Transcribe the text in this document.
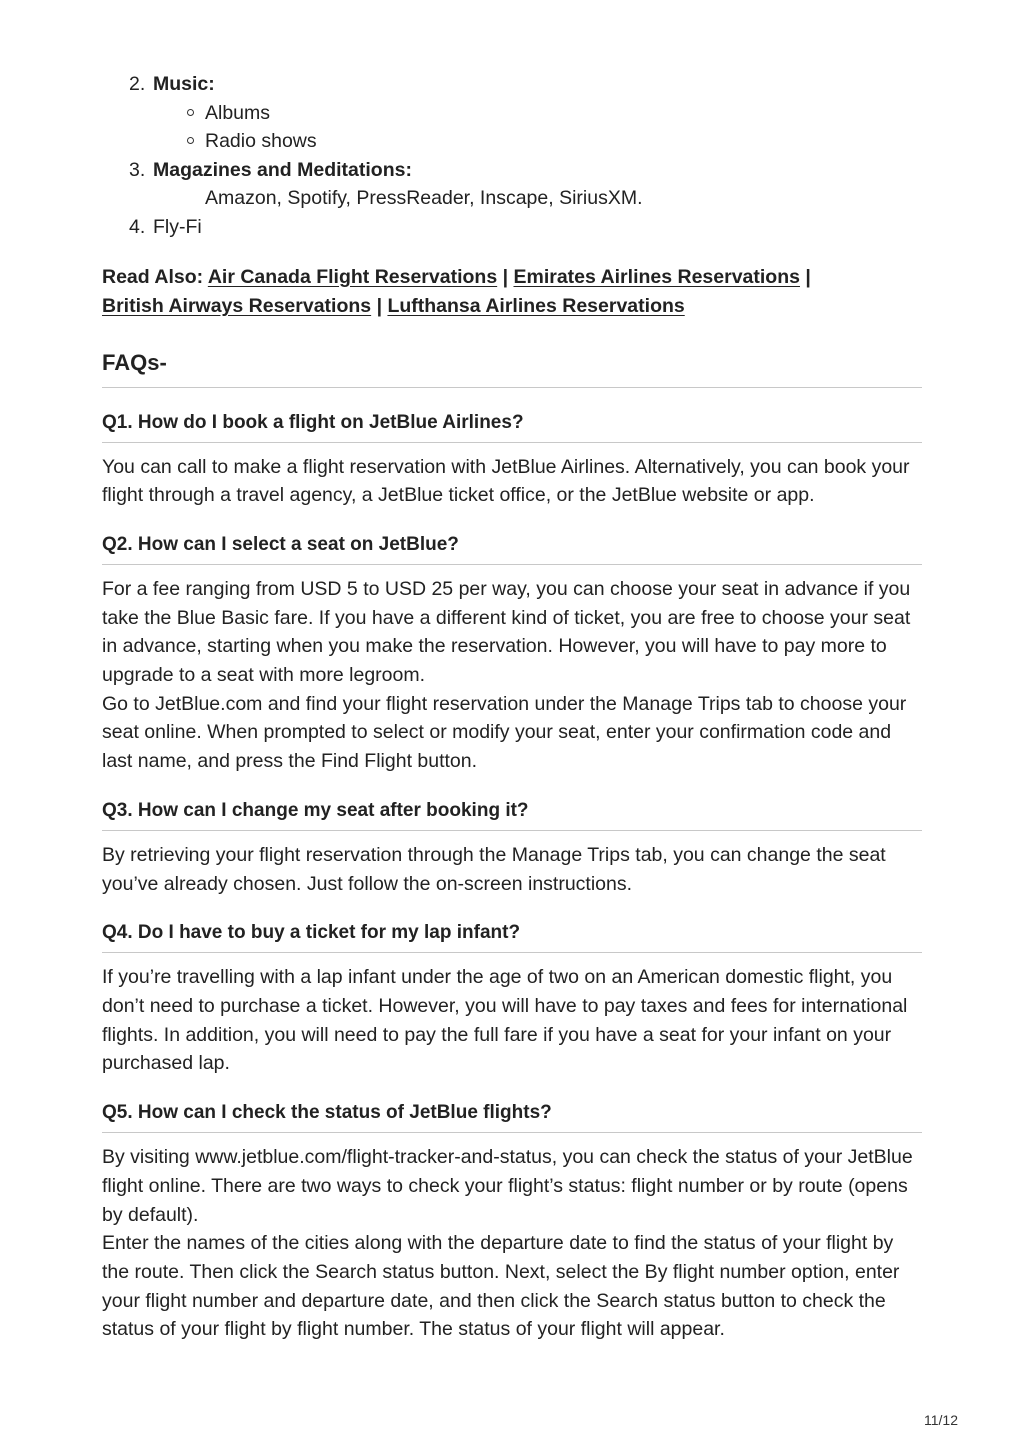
2. Music:
Albums
Radio shows
3. Magazines and Meditations:
Amazon, Spotify, PressReader, Inscape, SiriusXM.
4. Fly-Fi
Read Also: Air Canada Flight Reservations | Emirates Airlines Reservations |
British Airways Reservations | Lufthansa Airlines Reservations
FAQs-
Q1. How do I book a flight on JetBlue Airlines?

You can call to make a flight reservation with JetBlue Airlines. Alternatively, you can book your flight through a travel agency, a JetBlue ticket office, or the JetBlue website or app.

Q2. How can I select a seat on JetBlue?

For a fee ranging from USD 5 to USD 25 per way, you can choose your seat in advance if you take the Blue Basic fare. If you have a different kind of ticket, you are free to choose your seat in advance, starting when you make the reservation. However, you will have to pay more to upgrade to a seat with more legroom.

Go to JetBlue.com and find your flight reservation under the Manage Trips tab to choose your seat online. When prompted to select or modify your seat, enter your confirmation code and last name, and press the Find Flight button.

Q3. How can I change my seat after booking it?

By retrieving your flight reservation through the Manage Trips tab, you can change the seat you’ve already chosen. Just follow the on-screen instructions.

Q4. Do I have to buy a ticket for my lap infant?

If you’re travelling with a lap infant under the age of two on an American domestic flight, you don’t need to purchase a ticket. However, you will have to pay taxes and fees for international flights. In addition, you will need to pay the full fare if you have a seat for your infant on your purchased lap.

Q5. How can I check the status of JetBlue flights?

By visiting www.jetblue.com/flight-tracker-and-status, you can check the status of your JetBlue flight online. There are two ways to check your flight’s status: flight number or by route (opens by default).

Enter the names of the cities along with the departure date to find the status of your flight by the route. Then click the Search status button. Next, select the By flight number option, enter your flight number and departure date, and then click the Search status button to check the status of your flight by flight number. The status of your flight will appear.

11/12
